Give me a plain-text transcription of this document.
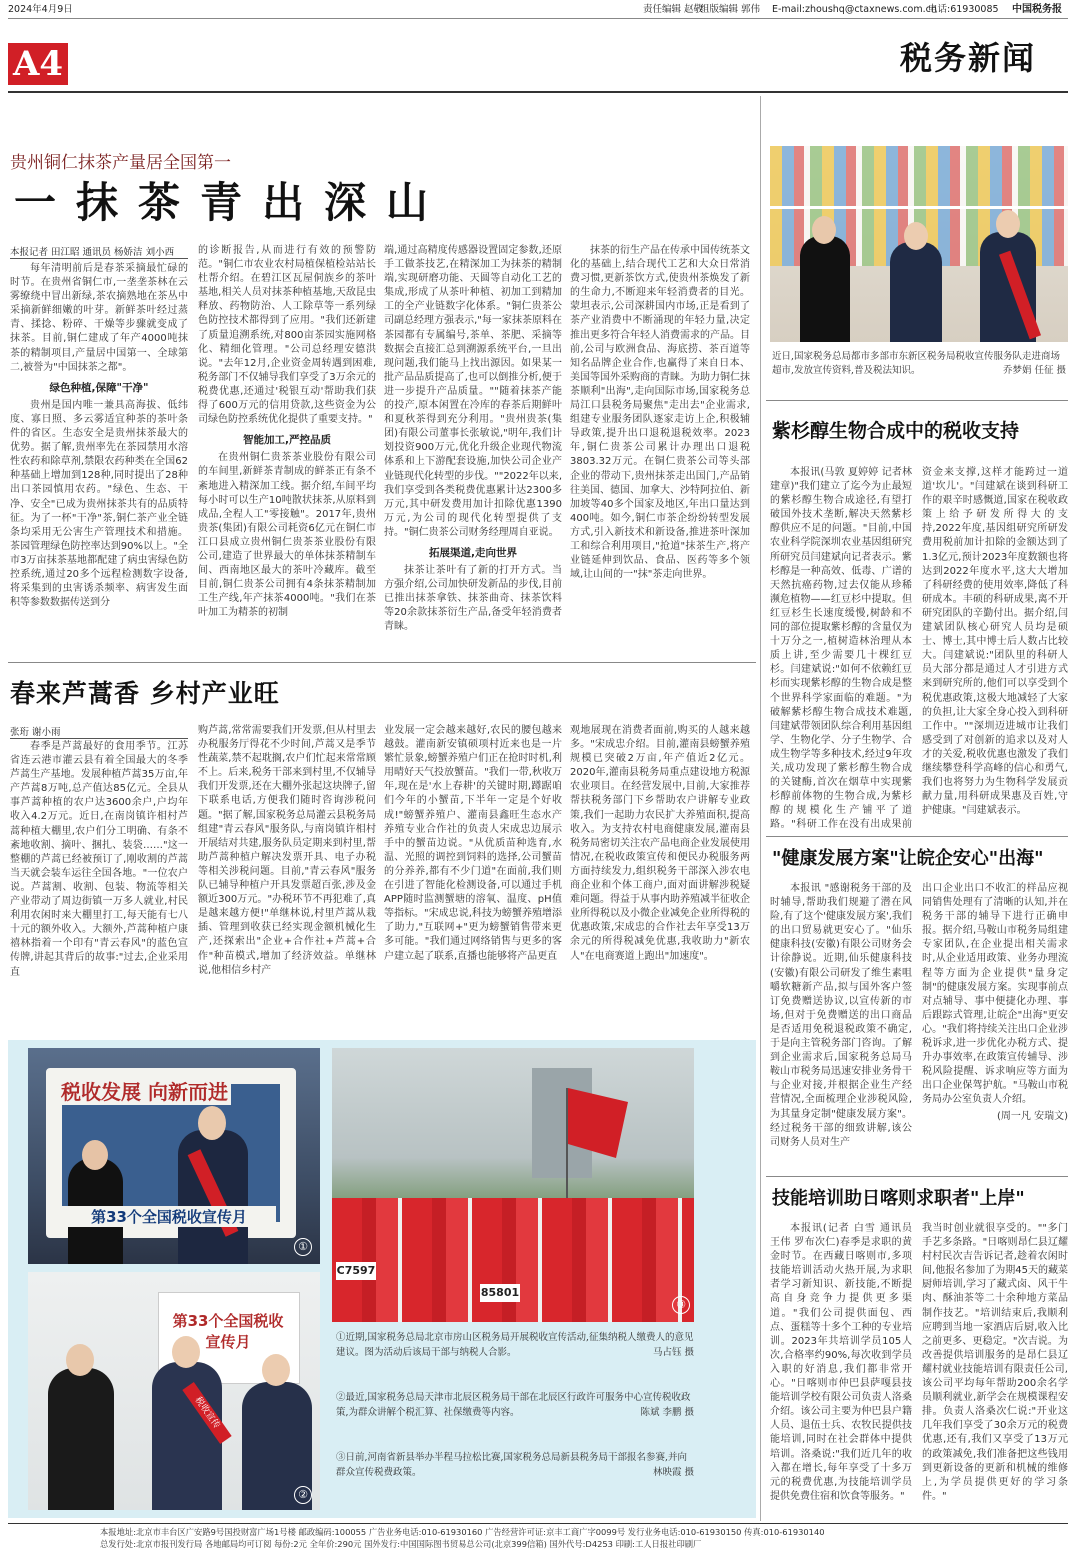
2024年4月9日	责任编辑 赵敬
组版编辑 郭伟 E-mail:zhoushq@ctaxnews.com.cn
电话:61930085 中国税务报
A4	税务新闻
贵州铜仁抹茶产量居全国第一
一抹茶青出深山
本报记者 田江昭 通讯员 杨娇洁 刘小西

每年清明前后是春茶采摘最忙碌的时节。在贵州省铜仁市,一垄垄茶林在云雾缭绕中冒出新绿,茶农摘熟地在茶丛中采摘新鲜细嫩的叶芽。新鲜茶叶经过蒸青、揉捻、粉碎、干燥等步骤就变成了抹茶。目前,铜仁建成了年产4000吨抹茶的精制项目,产量居中国第一、全球第二,被誉为"中国抹茶之都"。

绿色种植,保障"干净"

贵州是国内唯一兼具高海拔、低纬度、寡日照、多云雾适宜种茶的茶叶条件的省区。生态安全是贵州抹茶最大的优势。据了解,贵州率先在茶园禁用水溶性农药和除草剂,禁限农药种类在全国62种基础上增加到128种,同时提出了28种出口茶园慎用农药。"绿色、生态、干净、安全"已成为贵州抹茶共有的品质特征。为了一杯"干净"茶,铜仁茶产业全链条均采用无公害生产管理技术和措施。茶园管理绿色防控率达到90%以上。"全市3万亩抹茶基地都配建了病虫害绿色防控系统,通过20多个远程检测数字设备,将采集到的虫害诱杀频率、病害发生面积等参数数据传送到分

的诊断报告,从而进行有效的预警防范。"铜仁市农业农村局植保植检站站长杜帮介绍。在碧江区瓦屋侗族乡的茶叶基地,相关人员对抹茶种植基地,天敌昆虫释放、药物防治、人工除草等一系列绿色防控技术都得到了应用。"我们还新建了质量追溯系统,对800亩茶园实施网格化、精细化管理。"公司总经理安德洪说。"去年12月,企业资金周转遇到困难,税务部门不仅辅导我们享受了3万余元的税费优惠,还通过'税银互动'帮助我们获得了600万元的信用贷款,这些资金为公司绿色防控系统优化提供了重要支持。"

智能加工,严控品质

在贵州铜仁贵茶茶业股份有限公司的车间里,新鲜茶青制成的鲜茶正有条不紊地进入精深加工线。据介绍,车间平均每小时可以生产10吨散状抹茶,从原料到成品,全程人工"零接触"。2017年,贵州贵茶(集团)有限公司耗资6亿元在铜仁市江口县成立贵州铜仁贵茶茶业股份有限公司,建造了世界最大的单体抹茶精制车间、西南地区最大的茶叶冷藏库。截至目前,铜仁贵茶公司拥有4条抹茶精制加工生产线,年产抹茶4000吨。"我们在茶叶加工为精茶的初制

端,通过高精度传感器设置固定参数,还原手工做茶技艺,在精深加工为抹茶的精制端,实现研磨功能、天圆等自动化工艺的集成,形成了从茶叶种植、初加工到精加工的全产业链数字化体系。"铜仁贵茶公司副总经理方强表示,"每一家抹茶原料在茶园都有专属编号,茶单、茶肥、采摘等数据会直接汇总到溯源系统平台,一旦出现问题,我们能马上找出源因。如果某一批产品品质提高了,也可以倒推分析,便于进一步提升产品质量。""随着抹茶产能的投产,原本闲置在冷库的春茶后期鲜叶和夏秋茶得到充分利用。"贵州贵茶(集团)有限公司董事长张敏说,"明年,我们计划投资900万元,优化升级企业现代物流体系和上下游配套设施,加快公司企业产业链现代化转型的步伐。""2022年以来,我们享受到各类税费优惠累计达2300多万元,其中研发费用加计扣除优惠1390万元,为公司的现代化转型提供了支持。"铜仁贵茶公司财务经理周自亚说。

拓展渠道,走向世界

抹茶让茶叶有了新的打开方式。当方强介绍,公司加快研发新品的步伐,目前已推出抹茶拿铁、抹茶曲奇、抹茶饮料等20余款抹茶衍生产品,备受年轻消费者青睐。

抹茶的衍生产品在传承中国传统茶文化的基础上,结合现代工艺和大众日常消费习惯,更新茶饮方式,使贵州茶焕发了新的生命力,不断迎来年轻消费者的目光。蒙坦表示,公司深耕国内市场,正是看到了茶产业消费中不断涌现的年轻力量,决定推出更多符合年轻人消费需求的产品。目前,公司与欧洲食品、海底捞、茶百道等知名品牌企业合作,也赢得了来自日本、美国等国外采购商的青睐。为助力铜仁抹茶顺利"出海",走向国际市场,国家税务总局江口县税务局聚焦"走出去"企业需求,组建专业服务团队逐家走访上企,积极辅导政策,提升出口退税退税效率。2023年,铜仁贵茶公司累计办理出口退税3803.32万元。在铜仁贵茶公司等头部企业的带动下,贵州抹茶走出国门,产品销往美国、德国、加拿大、沙特阿拉伯、新加坡等40多个国家及地区,年出口量达到400吨。如今,铜仁市茶企纷纷转型发展方式,引入新技术和新设备,推进茶叶深加工和综合利用项目,"抢道"抹茶生产,将产业链延伸到饮品、食品、医药等多个领域,让山间的一"抹"茶走向世界。

春来芦蒿香 乡村产业旺
张珩 谢小雨

春季是芦蒿最好的食用季节。江苏省连云港市灌云县有着全国最大的冬季芦蒿生产基地。发展种植芦蒿35万亩,年产芦蒿8万吨,总产值达85亿元。全县从事芦蒿种植的农户达3600余户,户均年收入4.2万元。近日,在南岗镇许相村芦蒿种植大棚里,农户们分工明确、有条不紊地收割、摘叶、捆扎、装袋……"这一整棚的芦蒿已经被预订了,刚收割的芦蒿当天就会装车运往全国各地。"一位农户说。芦蒿割、收割、包装、物流等相关产业带动了周边街镇一万多人就业,村民利用农闲时来大棚里打工,每天能有七八十元的额外收入。大额外,芦蒿种植户康禧林指着一个印有"青云春风"的蓝色宣传牌,讲起其背后的故事:"过去,企业采用直

购芦蒿,常常需要我们开发票,但从村里去办税服务厅得花不少时间,芦蒿又是季节性蔬菜,禁不起耽搁,农户们忙起来常常顾不上。后来,税务干部来到村里,不仅辅导我们开发票,还在大棚外张起这块牌子,留下联系电话,方便我们随时咨询涉税问题。"据了解,国家税务总局灌云县税务局组建"青云春风"服务队,与南岗镇许相村开展结对共建,服务队员定期来到村里,帮助芦蒿种植户解决发票开具、电子办税等相关涉税问题。目前,"青云春风"服务队已辅导种植户开具发票超百张,涉及金额近300万元。"办税环节不再犯难了,真是越来越方便!"单继林说,村里芦蒿从栽插、管理到收获已经实现金额机械化生产,还探索出"企业+合作社+芦蒿+合作"种苗模式,增加了经济效益。单继林说,他相信乡村产

业发展一定会越来越好,农民的腰包越来越鼓。灌南新安镇硕项村近来也是一片繁忙景象,螃蟹养殖户们正在抢时时机,利用晴好天气投放蟹苗。"我们一带,秋收万年,现在是'水上春耕'的关键时期,蹲踞咱们今年的小蟹苗,下半年一定是个好收成!"螃蟹养殖户、灌南县鑫旺生态水产养殖专业合作社的负责人宋成忠边展示手中的蟹苗边说。"从优质苗种选育,水温、光照的调控到饲料的选择,公司蟹苗的分养养,都有不少门道"在面前,我们则在引进了智能化检测设备,可以通过手机APP随时监测蟹塘的溶氧、温度、pH值等指标。"宋成忠说,科技为螃蟹养殖增添了助力,"互联网+"更为螃蟹销售带来更多可能。"我们通过网络销售与更多的客户建立起了联系,直播也能够将产品更直

观地展现在消费者面前,购买的人越来越多。"宋成忠介绍。目前,灌南县螃蟹养殖规模已突破2万亩,年产值近2亿元。2020年,灌南县税务局重点建设地方税源农业项目。在经营发展中,目前,大家推荐帮扶税务部门下乡帮助农户讲解专业政策,我们一起助力农民扩大养殖面积,提高收入。为支持农村电商健康发展,灌南县税务局密切关注农产品电商企业发展使用情况,在税收政策宣传和便民办税服务两方面持续发力,组织税务干部深入涉农电商企业和个体工商户,面对面讲解涉税疑难问题。得益于从事内助养殖减半征收企业所得税以及小微企业减免企业所得税的优惠政策,宋成忠的合作社去年享受13万余元的所得税减免优惠,我收助力"新农人"在电商赛道上跑出"加速度"。

税收发展 向新而进
第33个全国税收宣传月
①
C7597
85801
③
第33个全国税收宣传月
税收宣传
②
①近期,国家税务总局北京市房山区税务局开展税收宣传活动,征集纳税人缴费人的意见建议。图为活动后该局干部与纳税人合影。	马占钰 摄
②最近,国家税务总局天津市北辰区税务局干部在北辰区行政许可服务中心宣传税收政策,为群众讲解个税汇算、社保缴费等内容。	陈斌 李鹏 摄
③日前,河南省新县举办半程马拉松比赛,国家税务总局新县税务局干部报名参赛,并向群众宣传税费政策。	林映霞 摄
近日,国家税务总局都市多部市东新区税务局税收宣传服务队走进商场超市,发放宣传资料,普及税法知识。	乔梦娟 任征 摄
紫杉醇生物合成中的税收支持

本报讯(马敦 夏婷婷 记者林建章)"我们建立了迄今为止最短的紫杉醇生物合成途径,有望打破国外技术垄断,解决天然紫杉醇供应不足的问题。"目前,中国农业科学院深圳农业基因组研究所研究员闫建斌向记者表示。紫杉醇是一种高效、低毒、广谱的天然抗癌药物,过去仅能从珍稀濒危植物——红豆杉中提取。但红豆杉生长速度缓慢,树龄和不同的部位提取紫杉醇的含量仅为十万分之一,植树造林治理从本质上讲,至少需要几十棵红豆杉。闫建斌说:"如何不依赖红豆杉而实现紫杉醇的生物合成是整个世界科学家面临的难题。"为破解紫杉醇生物合成技术难题,闫建斌带领团队综合利用基因组学、生物化学、分子生物学、合成生物学等多种技术,经过9年攻关,成功发现了紫杉醇生物合成的关键酶,首次在烟草中实现紫杉醇前体物的生物合成,为紫杉醇的规模化生产铺平了道路。"科研工作在没有出成果前

资金来支撑,这样才能跨过一道道'坎儿'。"闫建斌在谈到科研工作的艰辛时感慨道,国家在税收政策上给予研发所得大的支持,2022年度,基因组研究所研发费用税前加计扣除的金额达到了1.3亿元,预计2023年度数额也将达到2022年度水平,这大大增加了科研经费的使用效率,降低了科研成本。丰硕的科研成果,离不开研究团队的辛勤付出。据介绍,闫建斌团队核心研究人员均是硕士、博士,其中博士后人数占比较大。闫建斌说:"团队里的科研人员大部分都是通过人才引进方式来到研究所的,他们可以享受到个税优惠政策,这极大地减轻了大家的负担,让大家全身心投入到科研工作中。""深圳迈进城市让我们感受到了对创新的追求以及对人才的关爱,税收优惠也激发了我们继续攀登科学高峰的信心和勇气,我们也将努力为生物科学发展贡献力量,用科研成果惠及百姓,守护健康。"闫建斌表示。

"健康发展方案"让皖企安心"出海"

本报讯 "感谢税务干部的及时辅导,帮助我们规避了潜在风险,有了这个'健康发展方案',我们的出口贸易就更安心了。"仙乐健康科技(安徽)有限公司财务会计徐静说。近期,仙乐健康科技(安徽)有限公司研发了维生素咀嚼软糖新产品,拟与国外客户签订免费赠送协议,以宣传新的市场,但对于免费赠送的出口商品是否适用免税退税政策不确定,于是向主管税务部门咨询。了解到企业需求后,国家税务总局马鞍山市税务局迅速安排业务骨干与企业对接,并根据企业生产经营情况,全面梳理企业涉税风险,为其量身定制"健康发展方案"。经过税务干部的细致讲解,该公司财务人员对生产

出口企业出口不收汇的样品应视同销售处理有了清晰的认知,并在税务干部的辅导下进行正确申报。据介绍,马鞍山市税务局组建专家团队,在企业提出相关需求时,从企业适用政策、业务办理流程等方面为企业提供"量身定制"的健康发展方案。实现事前点对点辅导、事中便捷化办理、事后跟踪式管理,让皖企"出海"更安心。"我们将持续关注出口企业涉税诉求,进一步优化办税方式、提升办事效率,在政策宣传辅导、涉税风险提醒、诉求响应等方面为出口企业保驾护航。"马鞍山市税务局办公室负责人介绍。

(周一凡 安瑞文)
技能培训助日喀则求职者"上岸"

本报讯(记者 白雪 通讯员 王伟 罗布次仁)春季是求职的黄金时节。在西藏日喀则市,多项技能培训活动火热开展,为求职者学习新知识、新技能,不断提高自身竞争力提供更多渠道。"我们公司提供面包、西点、蛋糕等十多个工种的专业培训。2023年共培训学员105人次,合格率约90%,每次收到学员入职的好消息,我们都非常开心。"日喀则市仲巴县萨嘎县技能培训学校有限公司负责人洛桑介绍。该公司主要为仲巴县户籍人员、退伍士兵、农牧民提供技能培训,同时在社会群体中提供培训。洛桑说:"我们近几年的收入都在增长,每年享受了十多万元的税费优惠,为技能培训学员提供免费住宿和饮食等服务。"

我当时创业就很享受的。""多门手艺多条路。"日喀则昂仁县辽耀村村民次吉告诉记者,趁着农闲时间,他报名参加了为期45天的藏菜厨师培训,学习了藏式卤、风干牛肉、酥油茶等二十余种地方菜品制作技艺。"培训结束后,我顺利应聘到当地一家酒店后厨,收入比之前更多、更稳定。"次吉说。为改善提供培训服务的是昂仁县辽耀村就业技能培训有限责任公司,该公司平均每年帮助200余名学员顺利就业,新学会在规模课程安排。负责人洛桑次仁说:"开业这几年我们享受了30余万元的税费优惠,还有,我们又享受了13万元的政策减免,我们准备把这些钱用到更新设备的更新和机械的维修上,为学员提供更好的学习条件。"

本报地址:北京市丰台区广安路9号国投财富广场1号楼 邮政编码:100055 广告业务电话:010-61930160 广告经营许可证:京丰工商广字0099号 发行业务电话:010-61930150 传真:010-61930140
总发行处:北京市报刊发行局 各地邮局均可订阅 每份:2元 全年价:290元 国外发行:中国国际图书贸易总公司(北京399信箱) 国外代号:D4253 印刷:工人日报社印刷厂
